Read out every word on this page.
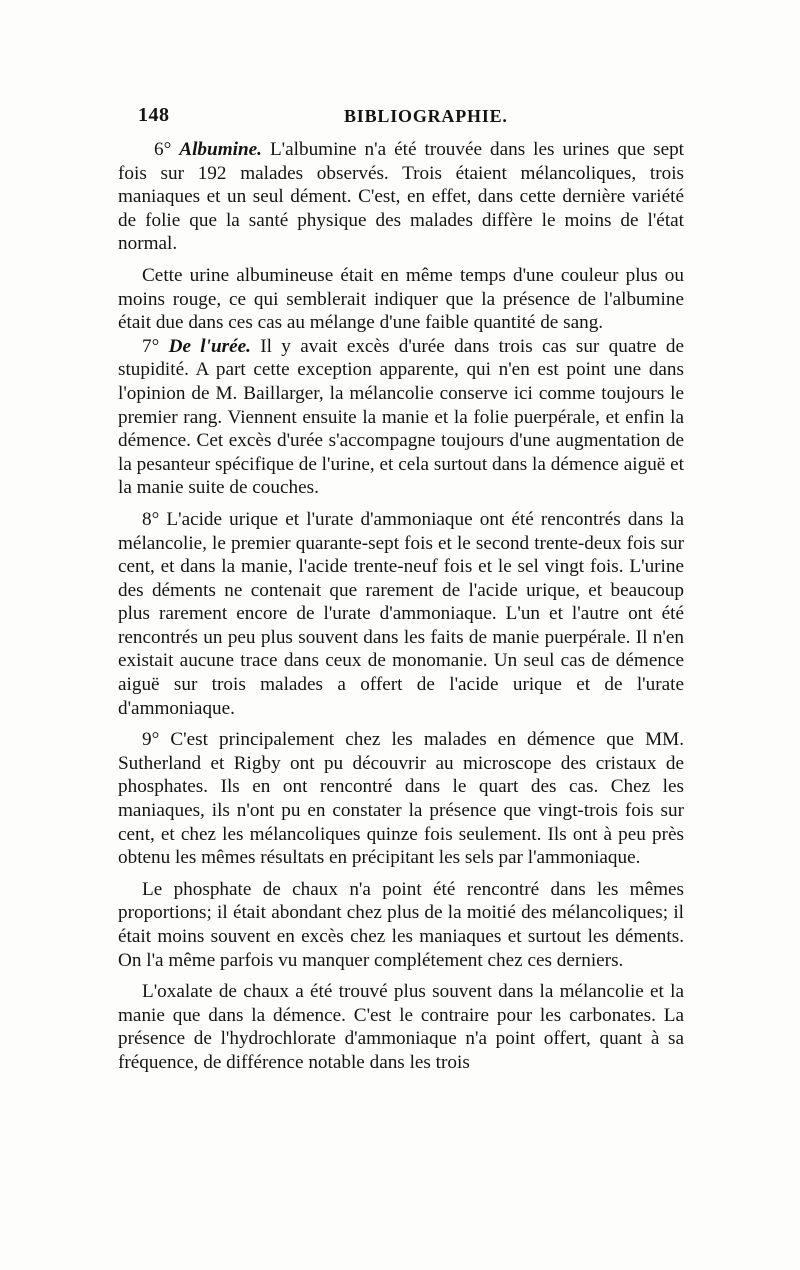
148	BIBLIOGRAPHIE.

6° Albumine. L'albumine n'a été trouvée dans les urines que sept fois sur 192 malades observés. Trois étaient mélancoliques, trois maniaques et un seul dément. C'est, en effet, dans cette dernière variété de folie que la santé physique des malades diffère le moins de l'état normal.

Cette urine albumineuse était en même temps d'une couleur plus ou moins rouge, ce qui semblerait indiquer que la présence de l'albumine était due dans ces cas au mélange d'une faible quantité de sang.

7° De l'urée. Il y avait excès d'urée dans trois cas sur quatre de stupidité. A part cette exception apparente, qui n'en est point une dans l'opinion de M. Baillarger, la mélancolie conserve ici comme toujours le premier rang. Viennent ensuite la manie et la folie puerpérale, et enfin la démence. Cet excès d'urée s'accompagne toujours d'une augmentation de la pesanteur spécifique de l'urine, et cela surtout dans la démence aiguë et la manie suite de couches.

8° L'acide urique et l'urate d'ammoniaque ont été rencontrés dans la mélancolie, le premier quarante-sept fois et le second trente-deux fois sur cent, et dans la manie, l'acide trente-neuf fois et le sel vingt fois. L'urine des déments ne contenait que rarement de l'acide urique, et beaucoup plus rarement encore de l'urate d'ammoniaque. L'un et l'autre ont été rencontrés un peu plus souvent dans les faits de manie puerpérale. Il n'en existait aucune trace dans ceux de monomanie. Un seul cas de démence aiguë sur trois malades a offert de l'acide urique et de l'urate d'ammoniaque.

9° C'est principalement chez les malades en démence que MM. Sutherland et Rigby ont pu découvrir au microscope des cristaux de phosphates. Ils en ont rencontré dans le quart des cas. Chez les maniaques, ils n'ont pu en constater la présence que vingt-trois fois sur cent, et chez les mélancoliques quinze fois seulement. Ils ont à peu près obtenu les mêmes résultats en précipitant les sels par l'ammoniaque.

Le phosphate de chaux n'a point été rencontré dans les mêmes proportions; il était abondant chez plus de la moitié des mélancoliques; il était moins souvent en excès chez les maniaques et surtout les déments. On l'a même parfois vu manquer complétement chez ces derniers.

L'oxalate de chaux a été trouvé plus souvent dans la mélancolie et la manie que dans la démence. C'est le contraire pour les carbonates. La présence de l'hydrochlorate d'ammoniaque n'a point offert, quant à sa fréquence, de différence notable dans les trois
